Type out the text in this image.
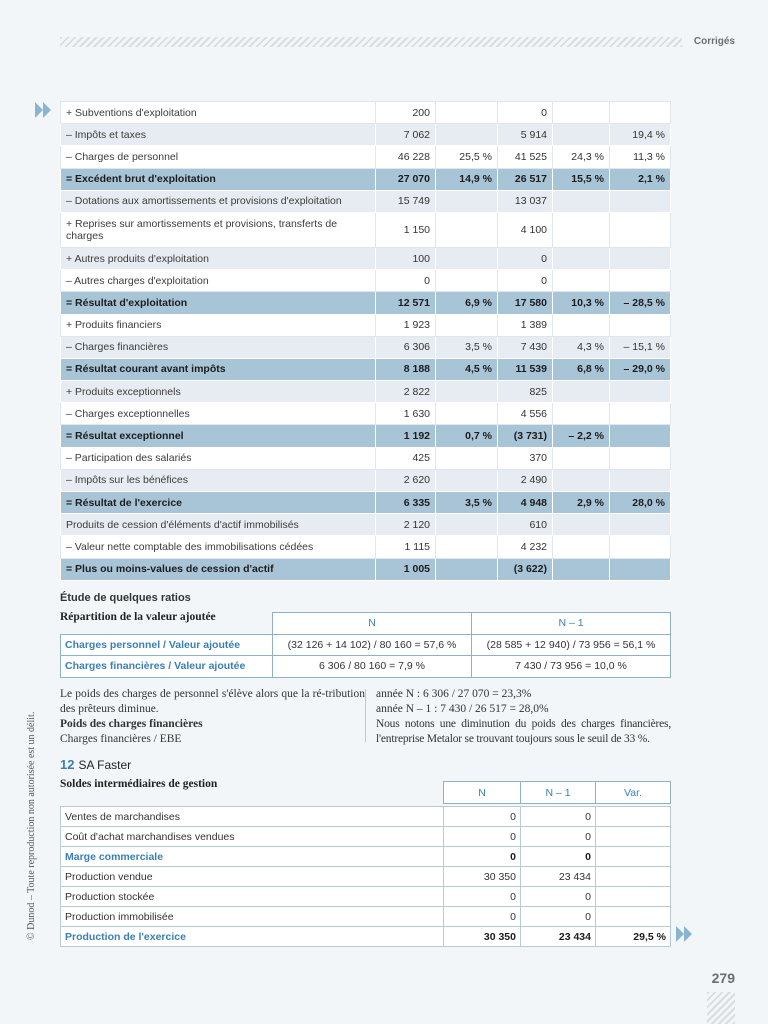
Corrigés
+ Subventions d'exploitation	200		0		
– Impôts et taxes	7 062		5 914		19,4 %
– Charges de personnel	46 228	25,5 %	41 525	24,3 %	11,3 %
= Excédent brut d'exploitation	27 070	14,9 %	26 517	15,5 %	2,1 %
– Dotations aux amortissements et provisions d'exploitation	15 749		13 037		
+ Reprises sur amortissements et provisions, transferts de charges	1 150		4 100		
+ Autres produits d'exploitation	100		0		
– Autres charges d'exploitation	0		0		
= Résultat d'exploitation	12 571	6,9 %	17 580	10,3 %	– 28,5 %
+ Produits financiers	1 923		1 389		
– Charges financières	6 306	3,5 %	7 430	4,3 %	– 15,1 %
= Résultat courant avant impôts	8 188	4,5 %	11 539	6,8 %	– 29,0 %
+ Produits exceptionnels	2 822		825		
– Charges exceptionnelles	1 630		4 556		
= Résultat exceptionnel	1 192	0,7 %	(3 731)	– 2,2 %	
– Participation des salariés	425		370		
– Impôts sur les bénéfices	2 620		2 490		
= Résultat de l'exercice	6 335	3,5 %	4 948	2,9 %	28,0 %
Produits de cession d'éléments d'actif immobilisés	2 120		610		
– Valeur nette comptable des immobilisations cédées	1 115		4 232		
= Plus ou moins-values de cession d'actif	1 005		(3 622)		
Étude de quelques ratios
Répartition de la valeur ajoutée
	N	N – 1
Charges personnel / Valeur ajoutée	(32 126 + 14 102) / 80 160 = 57,6 %	(28 585 + 12 940) / 73 956 = 56,1 %
Charges financières / Valeur ajoutée	6 306 / 80 160 = 7,9 %	7 430 / 73 956 = 10,0 %

Le poids des charges de personnel s'élève alors que la ré-tribution des prêteurs diminue.

Poids des charges financières

Charges financières / EBE

année N : 6 306 / 27 070 = 23,3%

année N – 1 : 7 430 / 26 517 = 28,0%

Nous notons une diminution du poids des charges financières, l'entreprise Metalor se trouvant toujours sous le seuil de 33 %.

12 SA Faster
Soldes intermédiaires de gestion
	N	N – 1	Var.

Ventes de marchandises	0	0	
Coût d'achat marchandises vendues	0	0	
Marge commerciale	0	0	
Production vendue	30 350	23 434	
Production stockée	0	0	
Production immobilisée	0	0	
Production de l'exercice	30 350	23 434	29,5 %
© Dunod – Toute reproduction non autorisée est un délit.
279
